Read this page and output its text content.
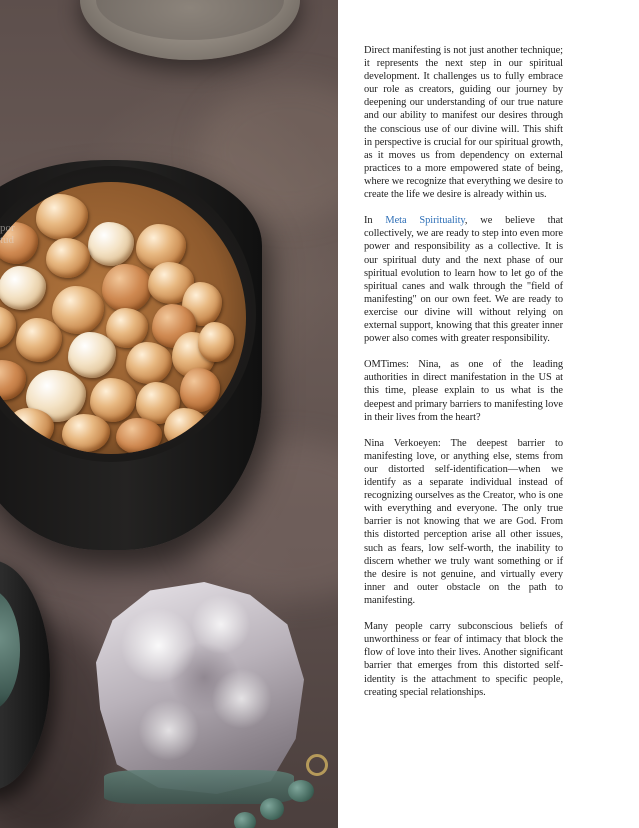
por
tud

Direct manifesting is not just another technique; it represents the next step in our spiritual development. It challenges us to fully embrace our role as creators, guiding our journey by deepening our understanding of our true nature and our ability to manifest our desires through the conscious use of our divine will. This shift in perspective is crucial for our spiritual growth, as it moves us from dependency on external practices to a more empowered state of being, where we recognize that everything we desire to create the life we desire is already within us.

In Meta Spirituality, we believe that collectively, we are ready to step into even more power and responsibility as a collective. It is our spiritual duty and the next phase of our spiritual evolution to learn how to let go of the spiritual canes and walk through the "field of manifesting" on our own feet. We are ready to exercise our divine will without relying on external support, knowing that this greater inner power also comes with greater responsibility.

OMTimes: Nina, as one of the leading authorities in direct manifestation in the US at this time, please explain to us what is the deepest and primary barriers to manifesting love in their lives from the heart?

Nina Verkoeyen: The deepest barrier to manifesting love, or anything else, stems from our distorted self-identification—when we identify as a separate individual instead of recognizing ourselves as the Creator, who is one with everything and everyone. The only true barrier is not knowing that we are God. From this distorted perception arise all other issues, such as fears, low self-worth, the inability to discern whether we truly want something or if the desire is not genuine, and virtually every inner and outer obstacle on the path to manifesting.

Many people carry subconscious beliefs of unworthiness or fear of intimacy that block the flow of love into their lives. Another significant barrier that emerges from this distorted self-identity is the attachment to specific people, creating special relationships.
